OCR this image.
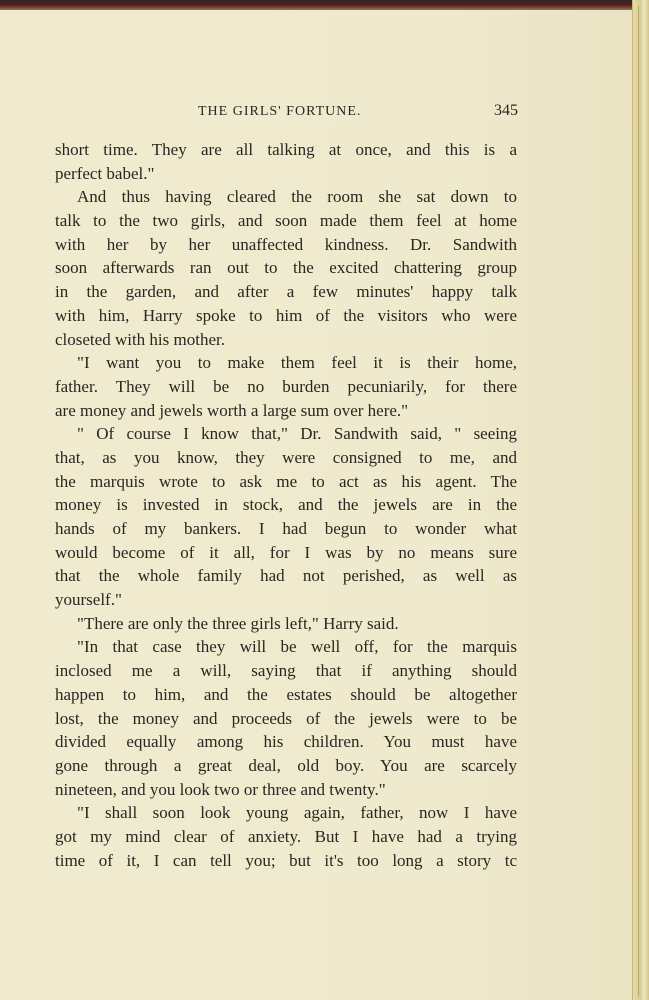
THE GIRLS' FORTUNE.	345
short time. They are all talking at once, and this is a
perfect babel."
And thus having cleared the room she sat down to
talk to the two girls, and soon made them feel at home
with her by her unaffected kindness. Dr. Sandwith
soon afterwards ran out to the excited chattering group
in the garden, and after a few minutes' happy talk
with him, Harry spoke to him of the visitors who were
closeted with his mother.
"I want you to make them feel it is their home,
father. They will be no burden pecuniarily, for there
are money and jewels worth a large sum over here."
" Of course I know that," Dr. Sandwith said, " seeing
that, as you know, they were consigned to me, and
the marquis wrote to ask me to act as his agent. The
money is invested in stock, and the jewels are in the
hands of my bankers. I had begun to wonder what
would become of it all, for I was by no means sure
that the whole family had not perished, as well as
yourself."
"There are only the three girls left," Harry said.
"In that case they will be well off, for the marquis
inclosed me a will, saying that if anything should
happen to him, and the estates should be altogether
lost, the money and proceeds of the jewels were to be
divided equally among his children. You must have
gone through a great deal, old boy. You are scarcely
nineteen, and you look two or three and twenty."
"I shall soon look young again, father, now I have
got my mind clear of anxiety. But I have had a trying
time of it, I can tell you; but it's too long a story tc
